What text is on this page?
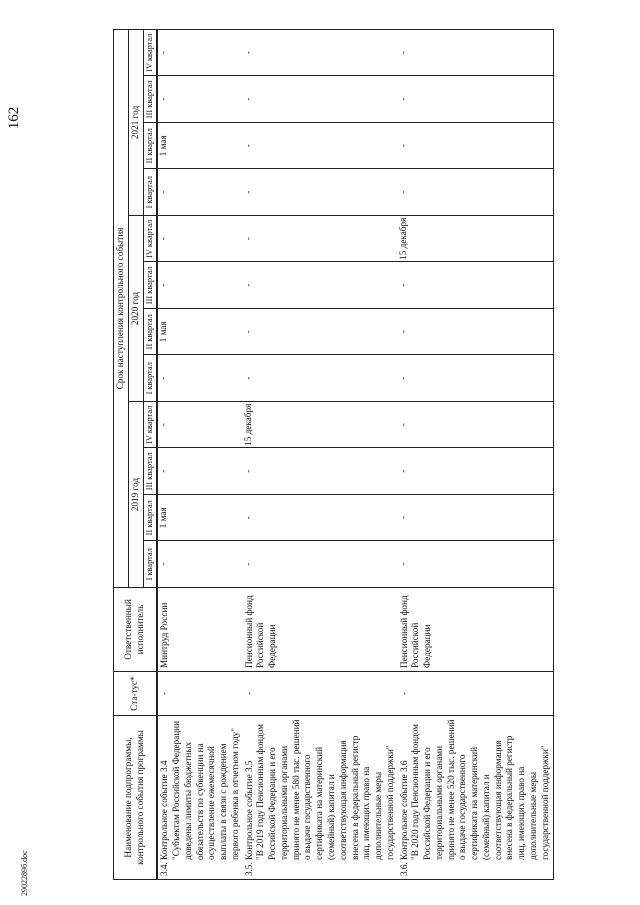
162
Наименование подпрограммы, контрольного события программы	Ста-тус*	Ответственный исполнитель	Срок наступления контрольного события											
			2019 год				2020 год				2021 год			
			I квартал	II квартал	III квартал	IV квартал	I квартал	II квартал	III квартал	IV квартал	I квартал	II квартал	III квартал	IV квартал

3.4.
Контрольное событие 3.4
"Субъектам Российской Федерации доведены лимиты бюджетных обязательств по субвенции на осуществление ежемесячной выплаты в связи с рождением первого ребенка в отчетном году"	-	Минтруд России	-	1 мая	-	-	-	1 мая	-	-	-	1 мая	-	-

3.5.
Контрольное событие 3.5
"В 2019 году Пенсионным фондом Российской Федерации и его территориальными органами принято не менее 580 тыс. решений о выдаче государственного сертификата на материнский (семейный) капитал и соответствующая информация внесена в федеральный регистр лиц, имеющих право на дополнительные меры государственной поддержки"	-	Пенсионный фонд Российской Федерации	-	-	-	15 декабря	-	-	-	-	-	-	-	-

3.6.
Контрольное событие 3.6
"В 2020 году Пенсионным фондом Российской Федерации и его территориальными органами принято не менее 520 тыс. решений о выдаче государственного сертификата на материнский (семейный) капитал и соответствующая информация внесена в федеральный регистр лиц, имеющих право на дополнительные меры государственной поддержки"	-	Пенсионный фонд Российской Федерации	-	-	-	-	-	-	-	15 декабря	-	-	-	-
2902289б.doc
